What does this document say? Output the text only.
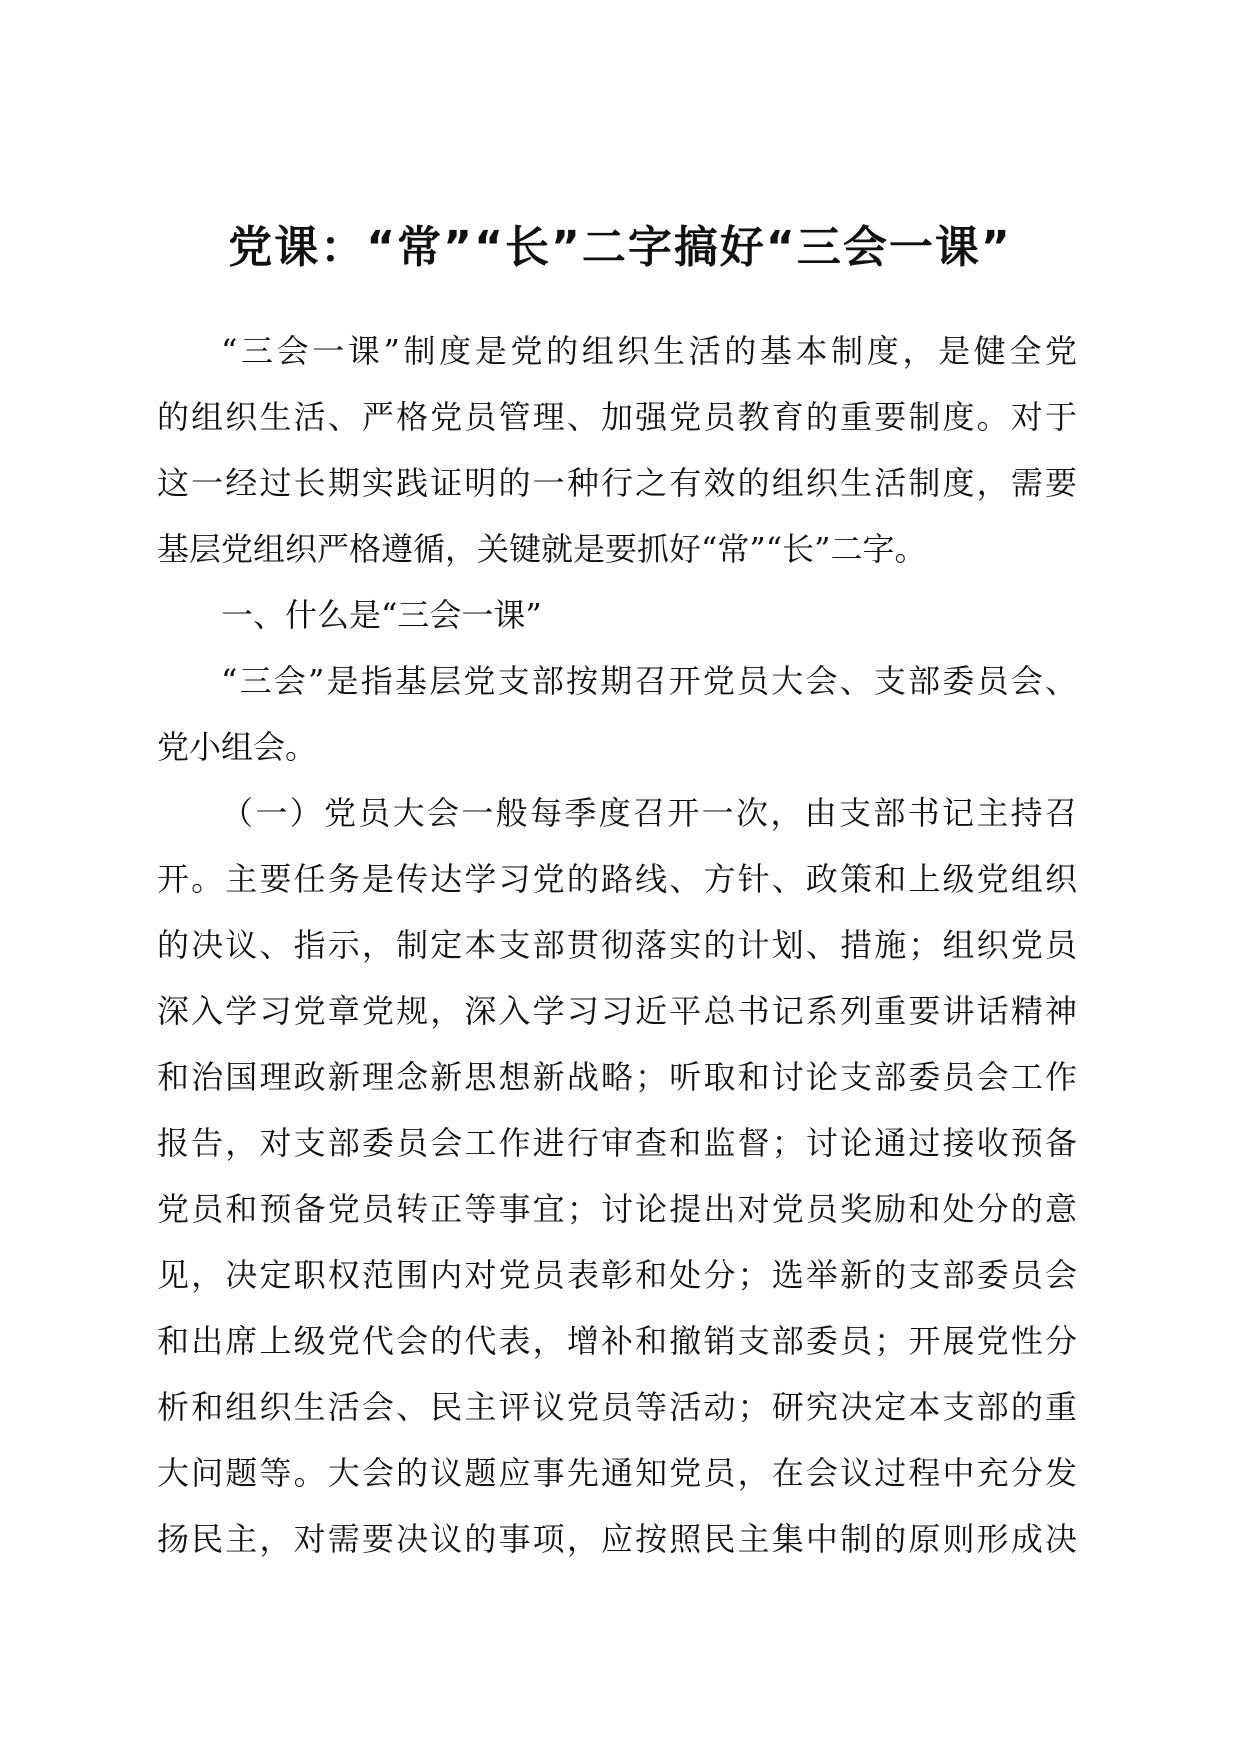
党课：“常”“长”二字搞好“三会一课”
“三会一课”制度是党的组织生活的基本制度，是健全党
的组织生活、严格党员管理、加强党员教育的重要制度。对于
这一经过长期实践证明的一种行之有效的组织生活制度，需要
基层党组织严格遵循，关键就是要抓好“常”“长”二字。
一、什么是“三会一课”
“三会”是指基层党支部按期召开党员大会、支部委员会、
党小组会。
（一）党员大会一般每季度召开一次，由支部书记主持召
开。主要任务是传达学习党的路线、方针、政策和上级党组织
的决议、指示，制定本支部贯彻落实的计划、措施；组织党员
深入学习党章党规，深入学习习近平总书记系列重要讲话精神
和治国理政新理念新思想新战略；听取和讨论支部委员会工作
报告，对支部委员会工作进行审查和监督；讨论通过接收预备
党员和预备党员转正等事宜；讨论提出对党员奖励和处分的意
见，决定职权范围内对党员表彰和处分；选举新的支部委员会
和出席上级党代会的代表，增补和撤销支部委员；开展党性分
析和组织生活会、民主评议党员等活动；研究决定本支部的重
大问题等。大会的议题应事先通知党员，在会议过程中充分发
扬民主，对需要决议的事项，应按照民主集中制的原则形成决
